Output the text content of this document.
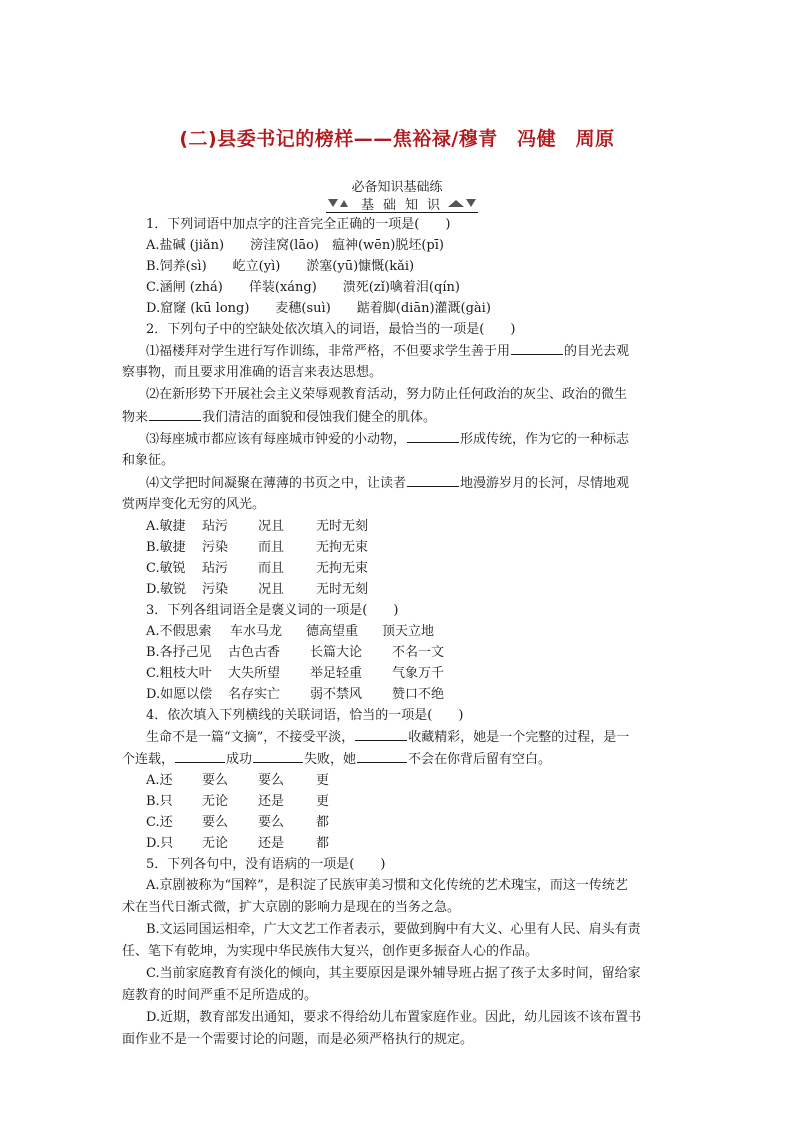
(二)县委书记的榜样——焦裕禄/穆青　冯健　周原
必备知识基础练
基础知识
1．下列词语中加点字的注音完全正确的一项是(　　)
A.盐碱 (jiǎn)　　滂洼窝(lāo)　瘟神(wēn)脱坯(pī)
B.饲养(sì)　　屹立(yì)　　淤塞(yū)慷慨(kǎi)
C.涵闸 (zhá)　　佯装(xáng)　　溃死(zǐ)噙着泪(qín)
D.窟窿 (kū long)　　麦穗(suì)　　踮着脚(diān)灌溉(gài)
2．下列句子中的空缺处依次填入的词语，最恰当的一项是(　　)
⑴福楼拜对学生进行写作训练，非常严格，不但要求学生善于用	的目光去观
察事物，而且要求用准确的语言来表达思想。
⑵在新形势下开展社会主义荣辱观教育活动，努力防止任何政治的灰尘、政治的微生
物来	我们清洁的面貌和侵蚀我们健全的肌体。
⑶每座城市都应该有每座城市钟爱的小动物，	形成传统，作为它的一种标志
和象征。
⑷文学把时间凝聚在薄薄的书页之中，让读者	地漫游岁月的长河，尽情地观
赏两岸变化无穷的风光。
A.敏捷 玷污 况且 无时无刻
B.敏捷 污染 而且 无拘无束
C.敏锐 玷污 而且 无拘无束
D.敏锐 污染 况且 无时无刻
3．下列各组词语全是褒义词的一项是(　　)
A.不假思索 车水马龙 德高望重 顶天立地
B.各抒己见 古色古香 长篇大论 不名一文
C.粗枝大叶 大失所望 举足轻重 气象万千
D.如愿以偿 名存实亡 弱不禁风 赞口不绝
4．依次填入下列横线的关联词语，恰当的一项是(　　)
生命不是一篇“文摘”，不接受平淡，	收藏精彩，她是一个完整的过程，是一
个连载，	成功	失败，她	不会在你背后留有空白。
A.还 要么 要么 更
B.只 无论 还是 更
C.还 要么 要么 都
D.只 无论 还是 都
5．下列各句中，没有语病的一项是(　　)
A.京剧被称为“国粹”，是积淀了民族审美习惯和文化传统的艺术瑰宝，而这一传统艺
术在当代日渐式微，扩大京剧的影响力是现在的当务之急。
B.文运同国运相牵，广大文艺工作者表示，要做到胸中有大义、心里有人民、肩头有责
任、笔下有乾坤，为实现中华民族伟大复兴，创作更多振奋人心的作品。
C.当前家庭教育有淡化的倾向，其主要原因是课外辅导班占据了孩子太多时间，留给家
庭教育的时间严重不足所造成的。
D.近期，教育部发出通知，要求不得给幼儿布置家庭作业。因此，幼儿园该不该布置书
面作业不是一个需要讨论的问题，而是必须严格执行的规定。
